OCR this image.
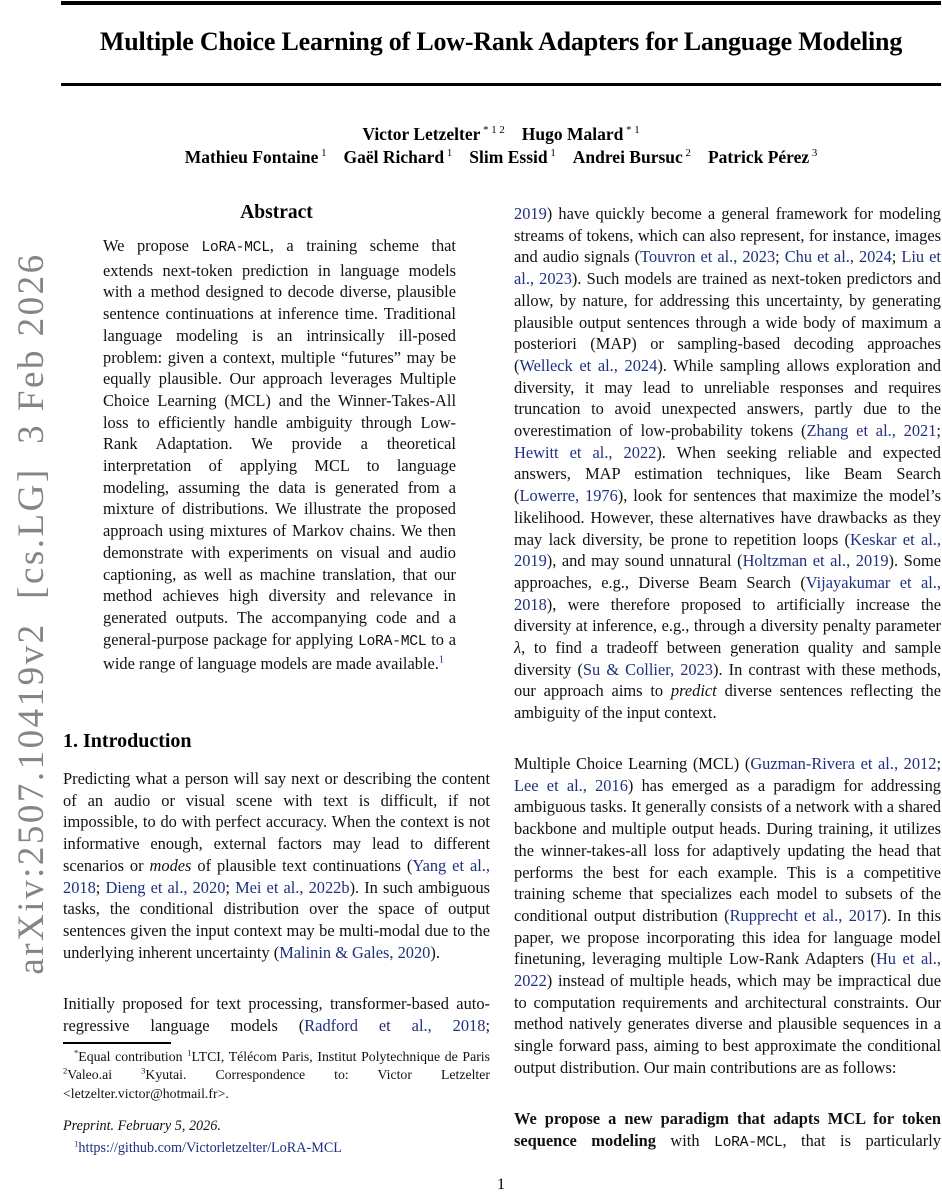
arXiv:2507.10419v2  [cs.LG]  3 Feb 2026
Multiple Choice Learning of Low-Rank Adapters for Language Modeling
Victor Letzelter $^{* 1 2}$ Hugo Malard $^{* 1}$
Mathieu Fontaine $^1$ Gaël Richard $^1$ Slim Essid $^1$ Andrei Bursuc $^2$ Patrick Pérez $^3$
Abstract
We propose LoRA-MCL, a training scheme that extends next-token prediction in language models with a method designed to decode diverse, plausible sentence continuations at inference time. Traditional language modeling is an intrinsically ill-posed problem: given a context, multiple “futures” may be equally plausible. Our approach leverages Multiple Choice Learning (MCL) and the Winner-Takes-All loss to efficiently handle ambiguity through Low-Rank Adaptation. We provide a theoretical interpretation of applying MCL to language modeling, assuming the data is generated from a mixture of distributions. We illustrate the proposed approach using mixtures of Markov chains. We then demonstrate with experiments on visual and audio captioning, as well as machine translation, that our method achieves high diversity and relevance in generated outputs. The accompanying code and a general-purpose package for applying LoRA-MCL to a wide range of language models are made available.$^1$
1. Introduction

Predicting what a person will say next or describing the content of an audio or visual scene with text is difficult, if not impossible, to do with perfect accuracy. When the context is not informative enough, external factors may lead to different scenarios or modes of plausible text continuations (Yang et al., 2018; Dieng et al., 2020; Mei et al., 2022b). In such ambiguous tasks, the conditional distribution over the space of output sentences given the input context may be multi-modal due to the underlying inherent uncertainty (Malinin & Gales, 2020).

Initially proposed for text processing, transformer-based auto-regressive language models (Radford et al., 2018;

*Equal contribution $^1$LTCI, Télécom Paris, Institut Polytechnique de Paris $^2$Valeo.ai $^3$Kyutai. Correspondence to: Victor Letzelter <letzelter.victor@hotmail.fr>.

Preprint. February 5, 2026.

$^1$https://github.com/Victorletzelter/LoRA-MCL

2019) have quickly become a general framework for modeling streams of tokens, which can also represent, for instance, images and audio signals (Touvron et al., 2023; Chu et al., 2024; Liu et al., 2023). Such models are trained as next-token predictors and allow, by nature, for addressing this uncertainty, by generating plausible output sentences through a wide body of maximum a posteriori (MAP) or sampling-based decoding approaches (Welleck et al., 2024). While sampling allows exploration and diversity, it may lead to unreliable responses and requires truncation to avoid unexpected answers, partly due to the overestimation of low-probability tokens (Zhang et al., 2021; Hewitt et al., 2022). When seeking reliable and expected answers, MAP estimation techniques, like Beam Search (Lowerre, 1976), look for sentences that maximize the model’s likelihood. However, these alternatives have drawbacks as they may lack diversity, be prone to repetition loops (Keskar et al., 2019), and may sound unnatural (Holtzman et al., 2019). Some approaches, e.g., Diverse Beam Search (Vijayakumar et al., 2018), were therefore proposed to artificially increase the diversity at inference, e.g., through a diversity penalty parameter λ, to find a tradeoff between generation quality and sample diversity (Su & Collier, 2023). In contrast with these methods, our approach aims to predict diverse sentences reflecting the ambiguity of the input context.

Multiple Choice Learning (MCL) (Guzman-Rivera et al., 2012; Lee et al., 2016) has emerged as a paradigm for addressing ambiguous tasks. It generally consists of a network with a shared backbone and multiple output heads. During training, it utilizes the winner-takes-all loss for adaptively updating the head that performs the best for each example. This is a competitive training scheme that specializes each model to subsets of the conditional output distribution (Rupprecht et al., 2017). In this paper, we propose incorporating this idea for language model finetuning, leveraging multiple Low-Rank Adapters (Hu et al., 2022) instead of multiple heads, which may be impractical due to computation requirements and architectural constraints. Our method natively generates diverse and plausible sequences in a single forward pass, aiming to best approximate the conditional output distribution. Our main contributions are as follows:

We propose a new paradigm that adapts MCL for token sequence modeling with LoRA-MCL, that is particularly

1
